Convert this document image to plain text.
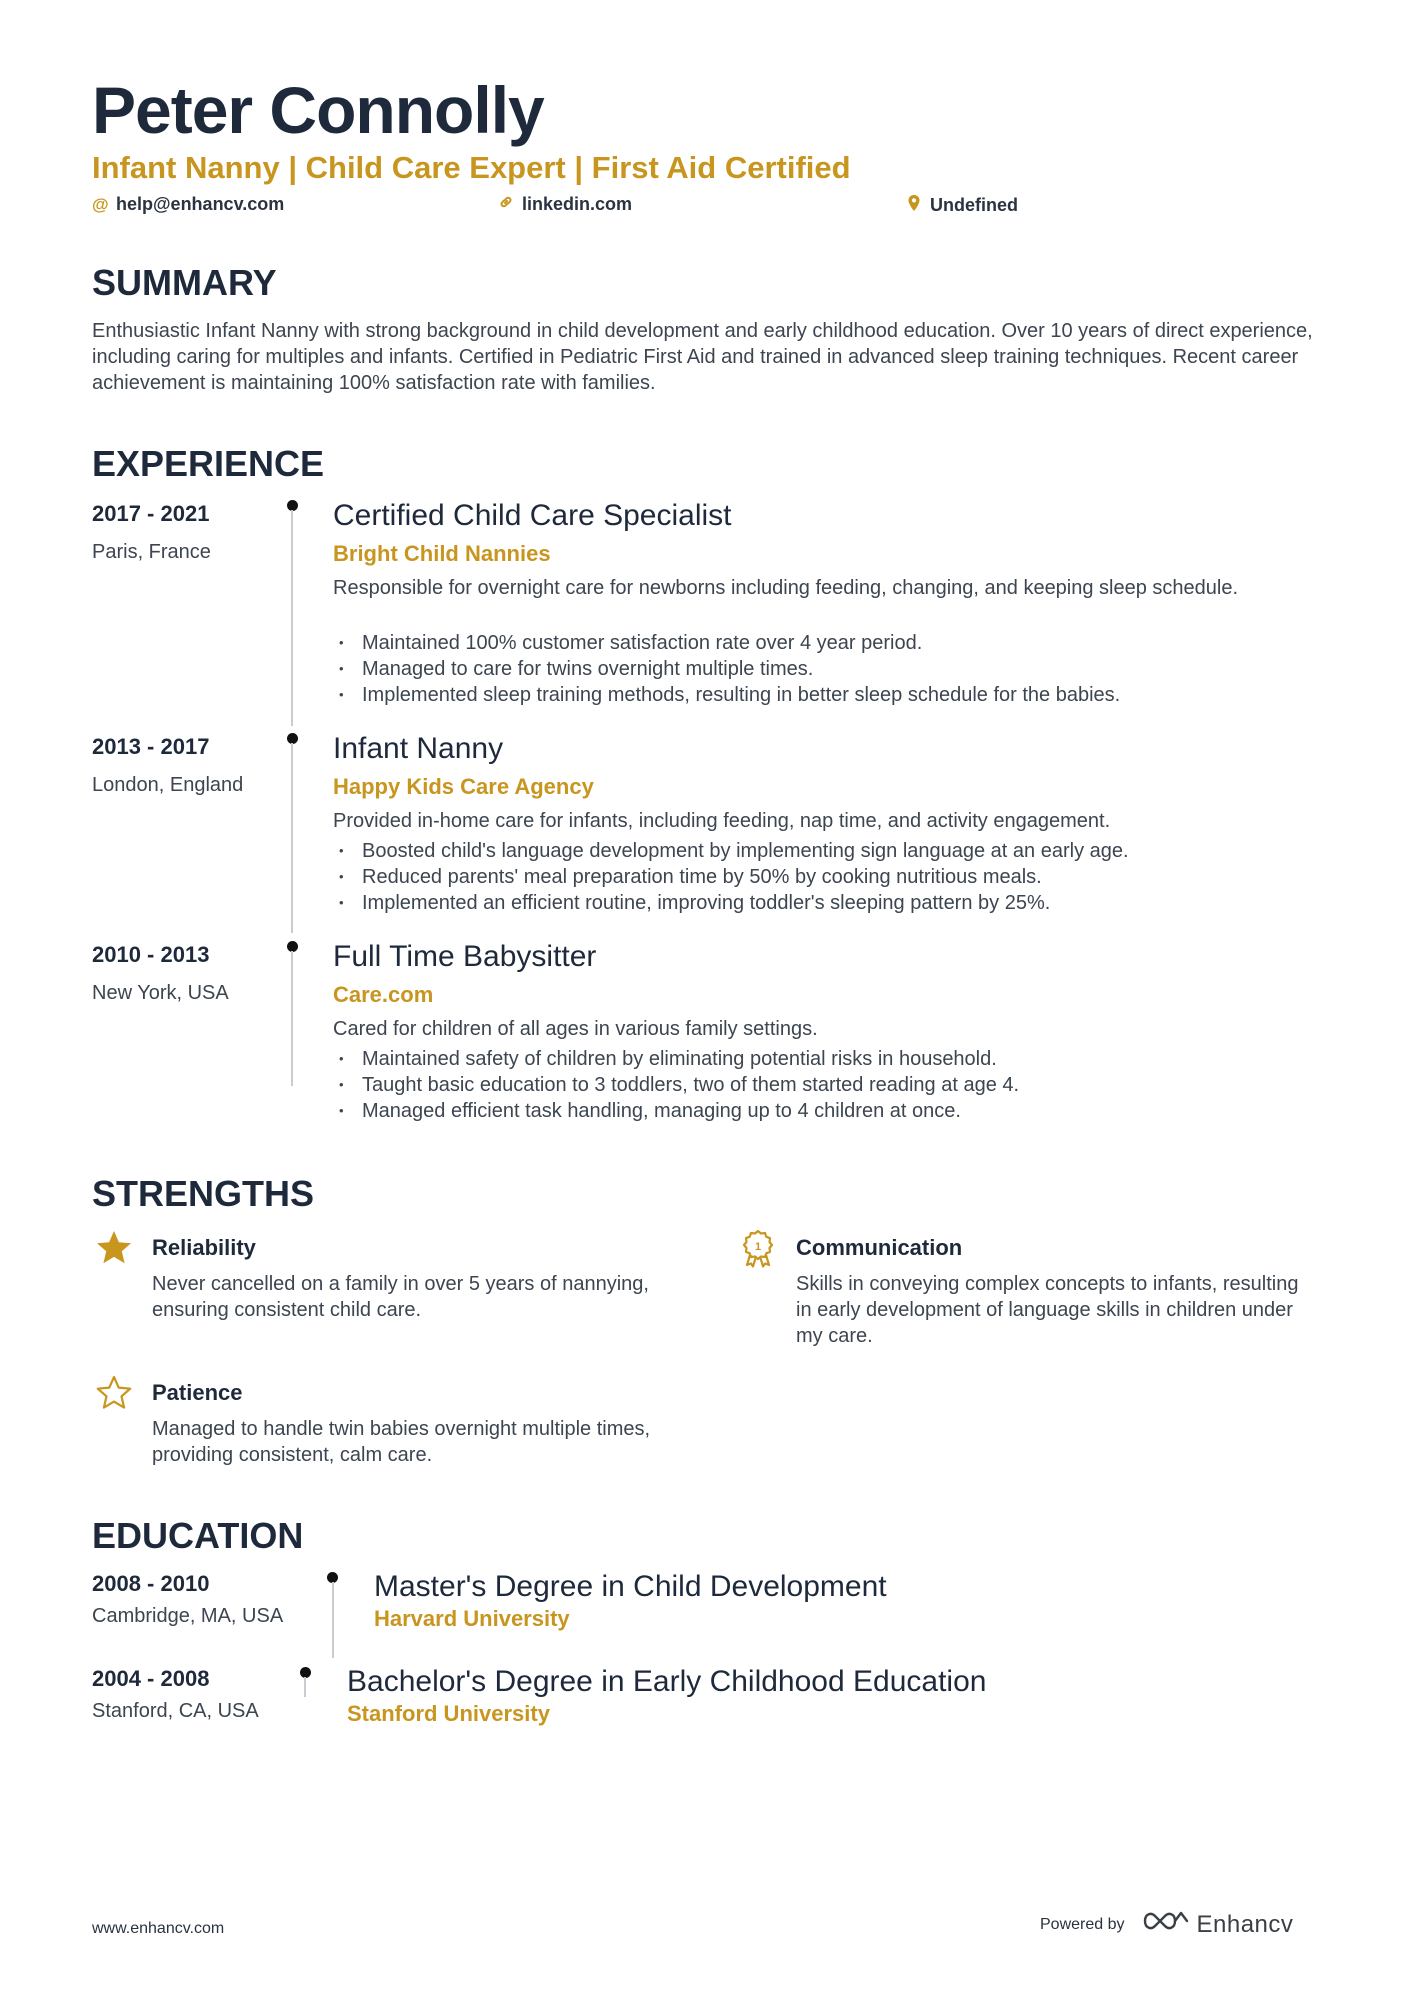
Peter Connolly
Infant Nanny | Child Care Expert | First Aid Certified
@ help@enhancv.com	linkedin.com	Undefined
SUMMARY
Enthusiastic Infant Nanny with strong background in child development and early childhood education. Over 10 years of direct experience, including caring for multiples and infants. Certified in Pediatric First Aid and trained in advanced sleep training techniques. Recent career achievement is maintaining 100% satisfaction rate with families.
EXPERIENCE
2017 - 2021
Paris, France
Certified Child Care Specialist
Bright Child Nannies
Responsible for overnight care for newborns including feeding, changing, and keeping sleep schedule.
• Maintained 100% customer satisfaction rate over 4 year period.
• Managed to care for twins overnight multiple times.
• Implemented sleep training methods, resulting in better sleep schedule for the babies.
2013 - 2017
London, England
Infant Nanny
Happy Kids Care Agency
Provided in-home care for infants, including feeding, nap time, and activity engagement.
• Boosted child's language development by implementing sign language at an early age.
• Reduced parents' meal preparation time by 50% by cooking nutritious meals.
• Implemented an efficient routine, improving toddler's sleeping pattern by 25%.
2010 - 2013
New York, USA
Full Time Babysitter
Care.com
Cared for children of all ages in various family settings.
• Maintained safety of children by eliminating potential risks in household.
• Taught basic education to 3 toddlers, two of them started reading at age 4.
• Managed efficient task handling, managing up to 4 children at once.
STRENGTHS
Reliability
Never cancelled on a family in over 5 years of nannying, ensuring consistent child care.
1 Communication
Skills in conveying complex concepts to infants, resulting in early development of language skills in children under my care.
Patience
Managed to handle twin babies overnight multiple times, providing consistent, calm care.
EDUCATION
2008 - 2010
Cambridge, MA, USA
Master's Degree in Child Development
Harvard University
2004 - 2008
Stanford, CA, USA
Bachelor's Degree in Early Childhood Education
Stanford University
www.enhancv.com	Powered by	Enhancv
